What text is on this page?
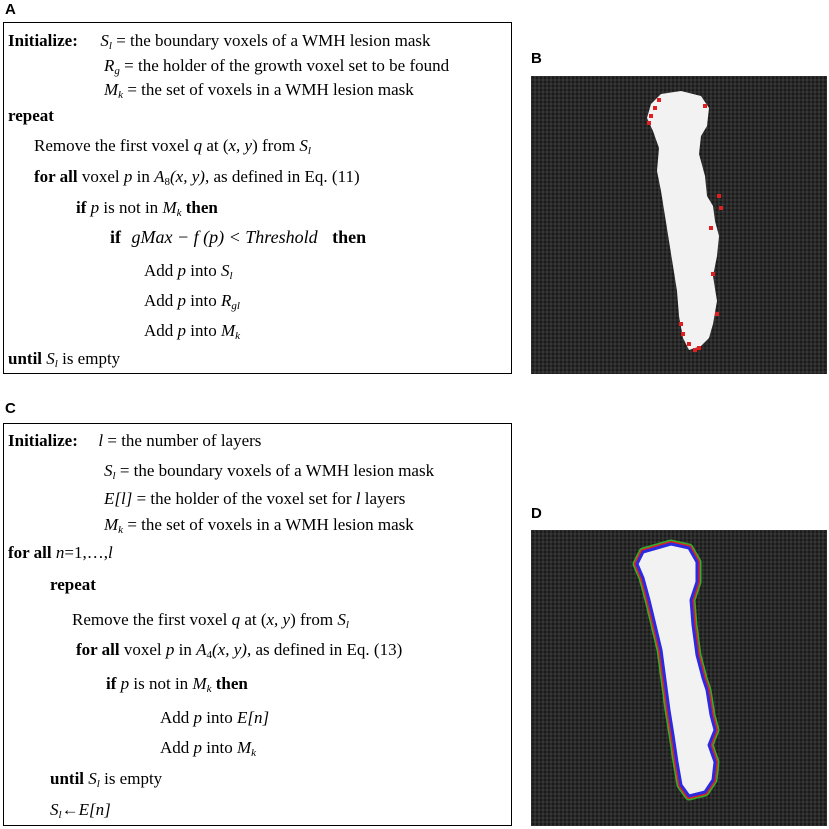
A
B
C
D
Initialize: $S_l$ = the boundary voxels of a WMH lesion mask
$R_g$ = the holder of the growth voxel set to be found
$M_k$ = the set of voxels in a WMH lesion mask
repeat
Remove the first voxel q at (x, y) from $S_l$
for all voxel p in $A_8(x$, y), as defined in Eq. (11)
if p is not in $M_k$ then
if gMax − f (p) < Threshold then
Add p into $S_l$
Add p into $R_{gl}$
Add p into $M_k$
until $S_l$ is empty
Initialize: l = the number of layers
$S_l$ = the boundary voxels of a WMH lesion mask
E[l] = the holder of the voxel set for l layers
$M_k$ = the set of voxels in a WMH lesion mask
for all n=1,…,l
repeat
Remove the first voxel q at (x, y) from $S_l$
for all voxel p in $A_4(x$, y), as defined in Eq. (13)
if p is not in $M_k$ then
Add p into E[n]
Add p into $M_k$
until $S_l$ is empty
$S_l\leftarrow E[n]$
